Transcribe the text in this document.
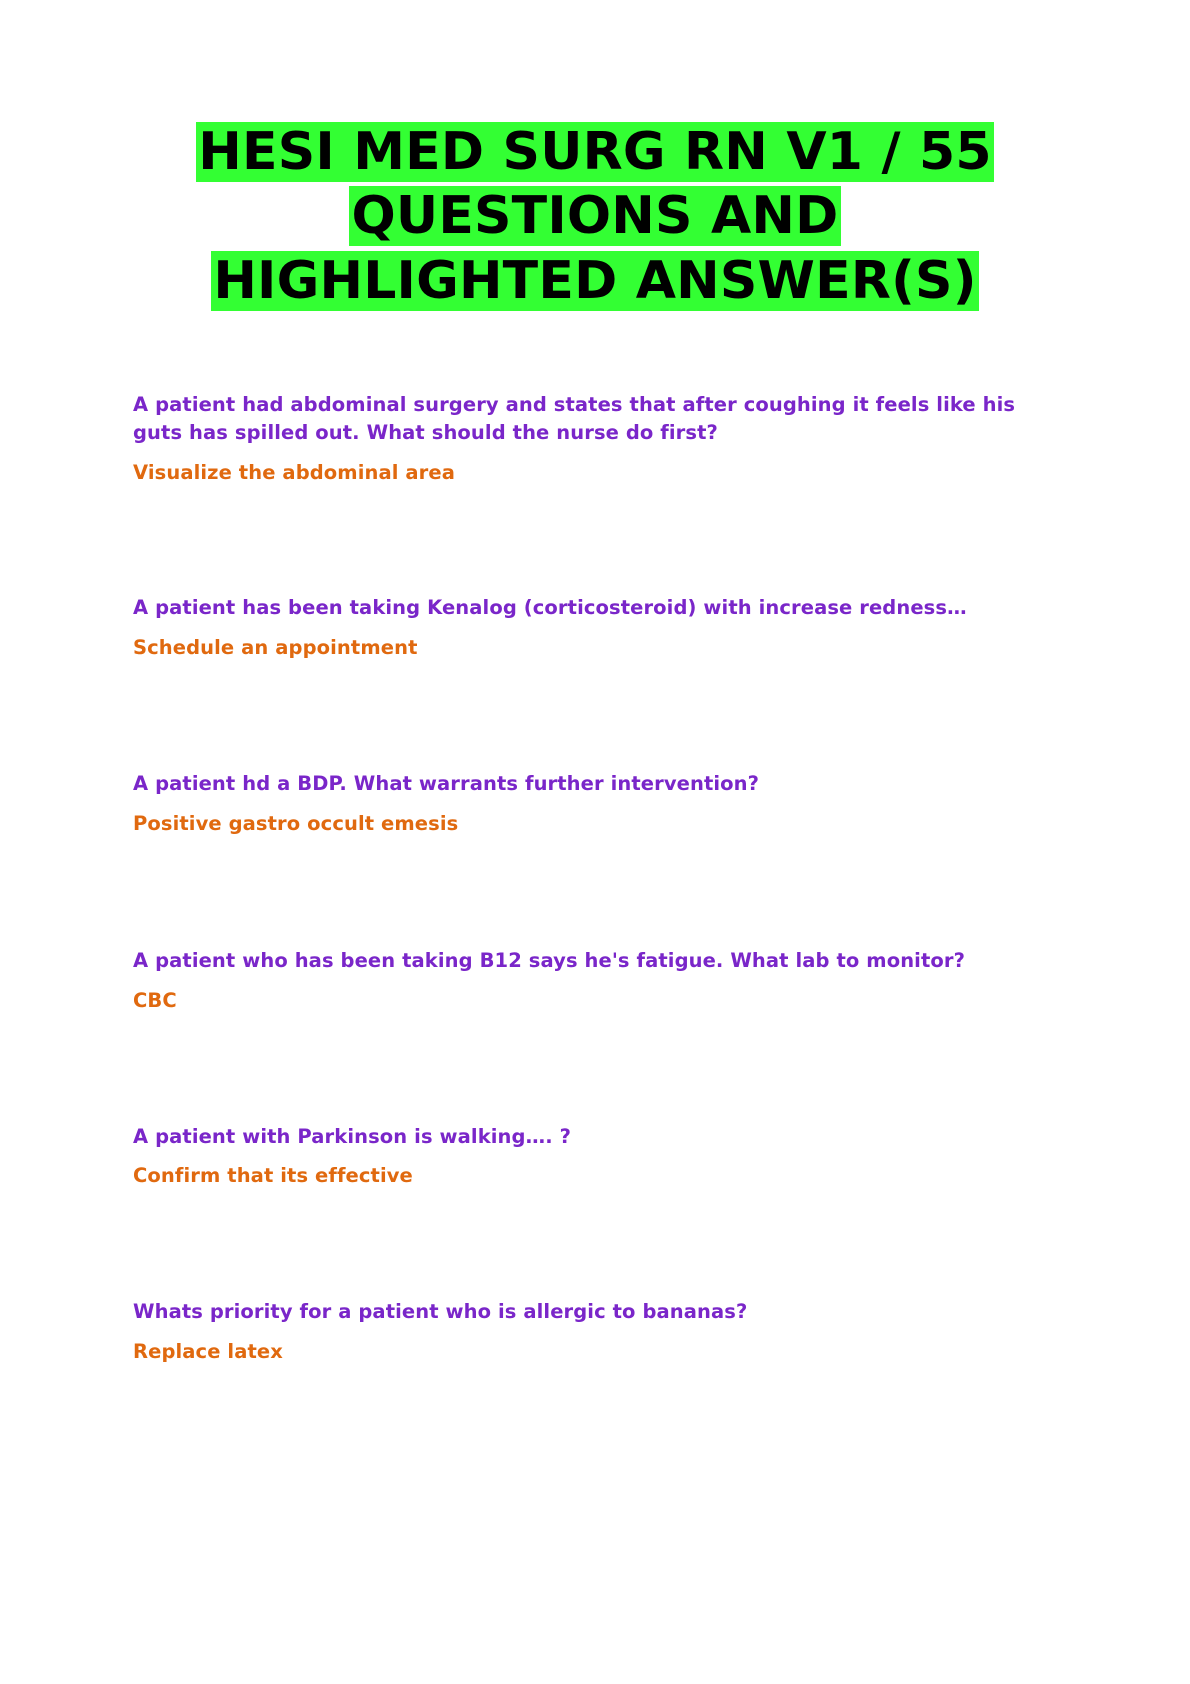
HESI MED SURG RN V1 / 55
QUESTIONS AND
HIGHLIGHTED ANSWER(S)

A patient had abdominal surgery and states that after coughing it feels like his guts has spilled out. What should the nurse do first?

Visualize the abdominal area

A patient has been taking Kenalog (corticosteroid) with increase redness…

Schedule an appointment

A patient hd a BDP. What warrants further intervention?

Positive gastro occult emesis

A patient who has been taking B12 says he's fatigue. What lab to monitor?

CBC

A patient with Parkinson is walking…. ?

Confirm that its effective

Whats priority for a patient who is allergic to bananas?

Replace latex
